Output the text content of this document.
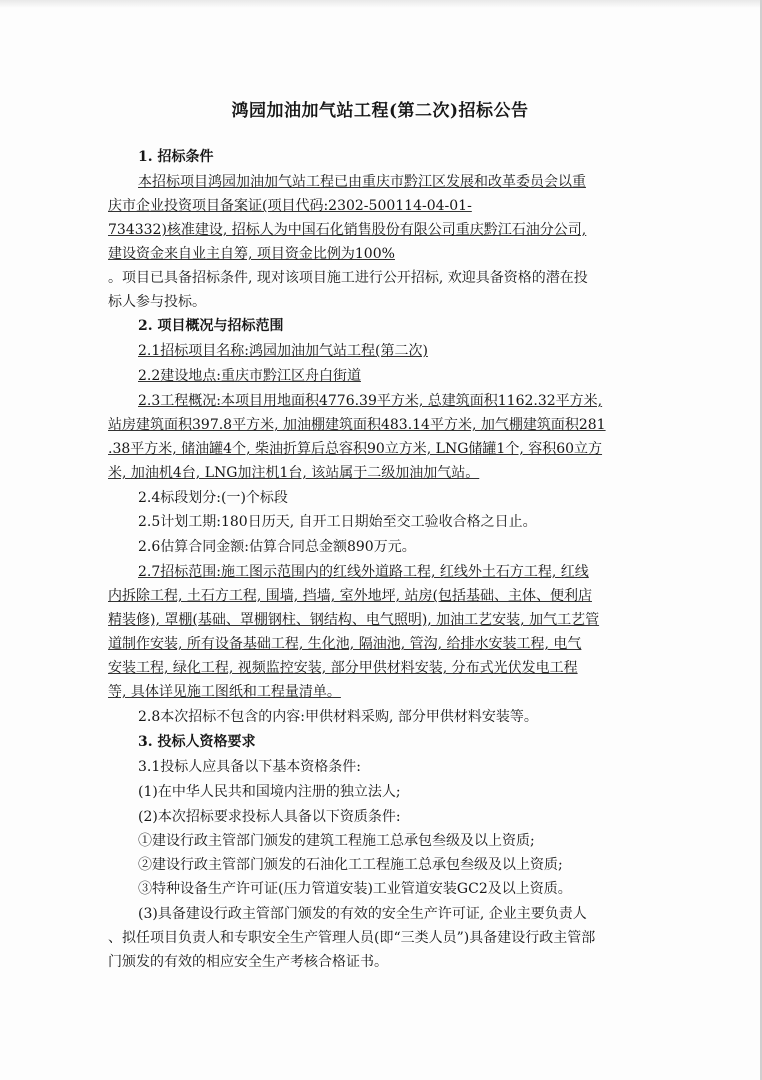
鸿园加油加气站工程(第二次)招标公告
1. 招标条件
本招标项目鸿园加油加气站工程已由重庆市黔江区发展和改革委员会以重
庆市企业投资项目备案证(项目代码:2302-500114-04-01-
734332)核准建设, 招标人为中国石化销售股份有限公司重庆黔江石油分公司,
建设资金来自业主自筹, 项目资金比例为100%
。项目已具备招标条件, 现对该项目施工进行公开招标, 欢迎具备资格的潜在投
标人参与投标。
2. 项目概况与招标范围
2.1招标项目名称:鸿园加油加气站工程(第二次)
2.2建设地点:重庆市黔江区舟白街道
2.3工程概况:本项目用地面积4776.39平方米, 总建筑面积1162.32平方米,
站房建筑面积397.8平方米, 加油棚建筑面积483.14平方米, 加气棚建筑面积281
.38平方米, 储油罐4个, 柴油折算后总容积90立方米, LNG储罐1个, 容积60立方
米, 加油机4台, LNG加注机1台, 该站属于二级加油加气站。
2.4标段划分:(一)个标段
2.5计划工期:180日历天, 自开工日期始至交工验收合格之日止。
2.6估算合同金额:估算合同总金额890万元。
2.7招标范围:施工图示范围内的红线外道路工程, 红线外土石方工程, 红线
内拆除工程, 土石方工程, 围墙, 挡墙, 室外地坪, 站房(包括基础、主体、便利店
精装修), 罩棚(基础、罩棚钢柱、钢结构、电气照明), 加油工艺安装, 加气工艺管
道制作安装, 所有设备基础工程, 生化池, 隔油池, 管沟, 给排水安装工程, 电气
安装工程, 绿化工程, 视频监控安装, 部分甲供材料安装, 分布式光伏发电工程
等, 具体详见施工图纸和工程量清单。
2.8本次招标不包含的内容:甲供材料采购, 部分甲供材料安装等。
3. 投标人资格要求
3.1投标人应具备以下基本资格条件:
(1)在中华人民共和国境内注册的独立法人;
(2)本次招标要求投标人具备以下资质条件:
①建设行政主管部门颁发的建筑工程施工总承包叁级及以上资质;
②建设行政主管部门颁发的石油化工工程施工总承包叁级及以上资质;
③特种设备生产许可证(压力管道安装)工业管道安装GC2及以上资质。
(3)具备建设行政主管部门颁发的有效的安全生产许可证, 企业主要负责人
、拟任项目负责人和专职安全生产管理人员(即“三类人员”)具备建设行政主管部
门颁发的有效的相应安全生产考核合格证书。
